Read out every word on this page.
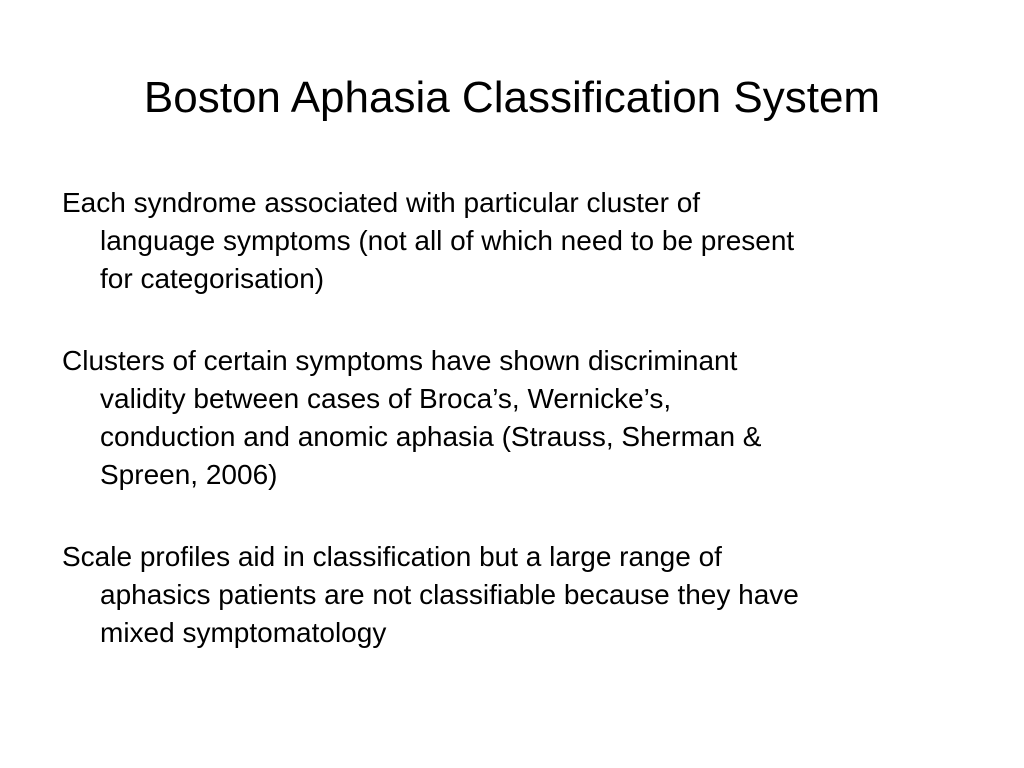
Boston Aphasia Classification System

Each syndrome associated with particular cluster of
language symptoms (not all of which need to be present
for categorisation)

Clusters of certain symptoms have shown discriminant
validity between cases of Broca’s, Wernicke’s,
conduction and anomic aphasia (Strauss, Sherman &
Spreen, 2006)

Scale profiles aid in classification but a large range of
aphasics patients are not classifiable because they have
mixed symptomatology
